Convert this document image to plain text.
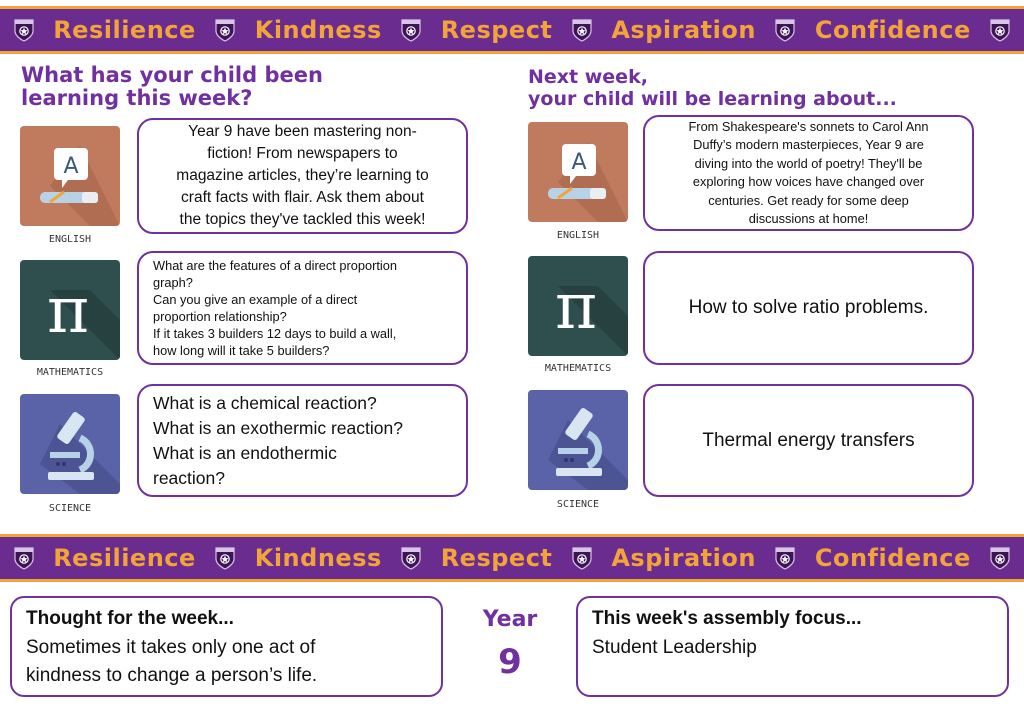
Resilience Kindness Respect Aspiration Confidence
What has your child been
learning this week?
Next week,
your child will be learning about...
A
ENGLISH
Year 9 have been mastering non-
fiction! From newspapers to
magazine articles, they’re learning to
craft facts with flair. Ask them about
the topics they've tackled this week!
π
MATHEMATICS
What are the features of a direct proportion
graph?
Can you give an example of a direct
proportion relationship?
If it takes 3 builders 12 days to build a wall,
how long will it take 5 builders?
SCIENCE
What is a chemical reaction?
What is an exothermic reaction?
What is an endothermic
reaction?
A
ENGLISH
From Shakespeare's sonnets to Carol Ann
Duffy’s modern masterpieces, Year 9 are
diving into the world of poetry! They'll be
exploring how voices have changed over
centuries. Get ready for some deep
discussions at home!
π
MATHEMATICS
How to solve ratio problems.
SCIENCE
Thermal energy transfers
Resilience Kindness Respect Aspiration Confidence
Thought for the week...
Sometimes it takes only one act of
kindness to change a person’s life.
Year
9
This week's assembly focus...
Student Leadership
